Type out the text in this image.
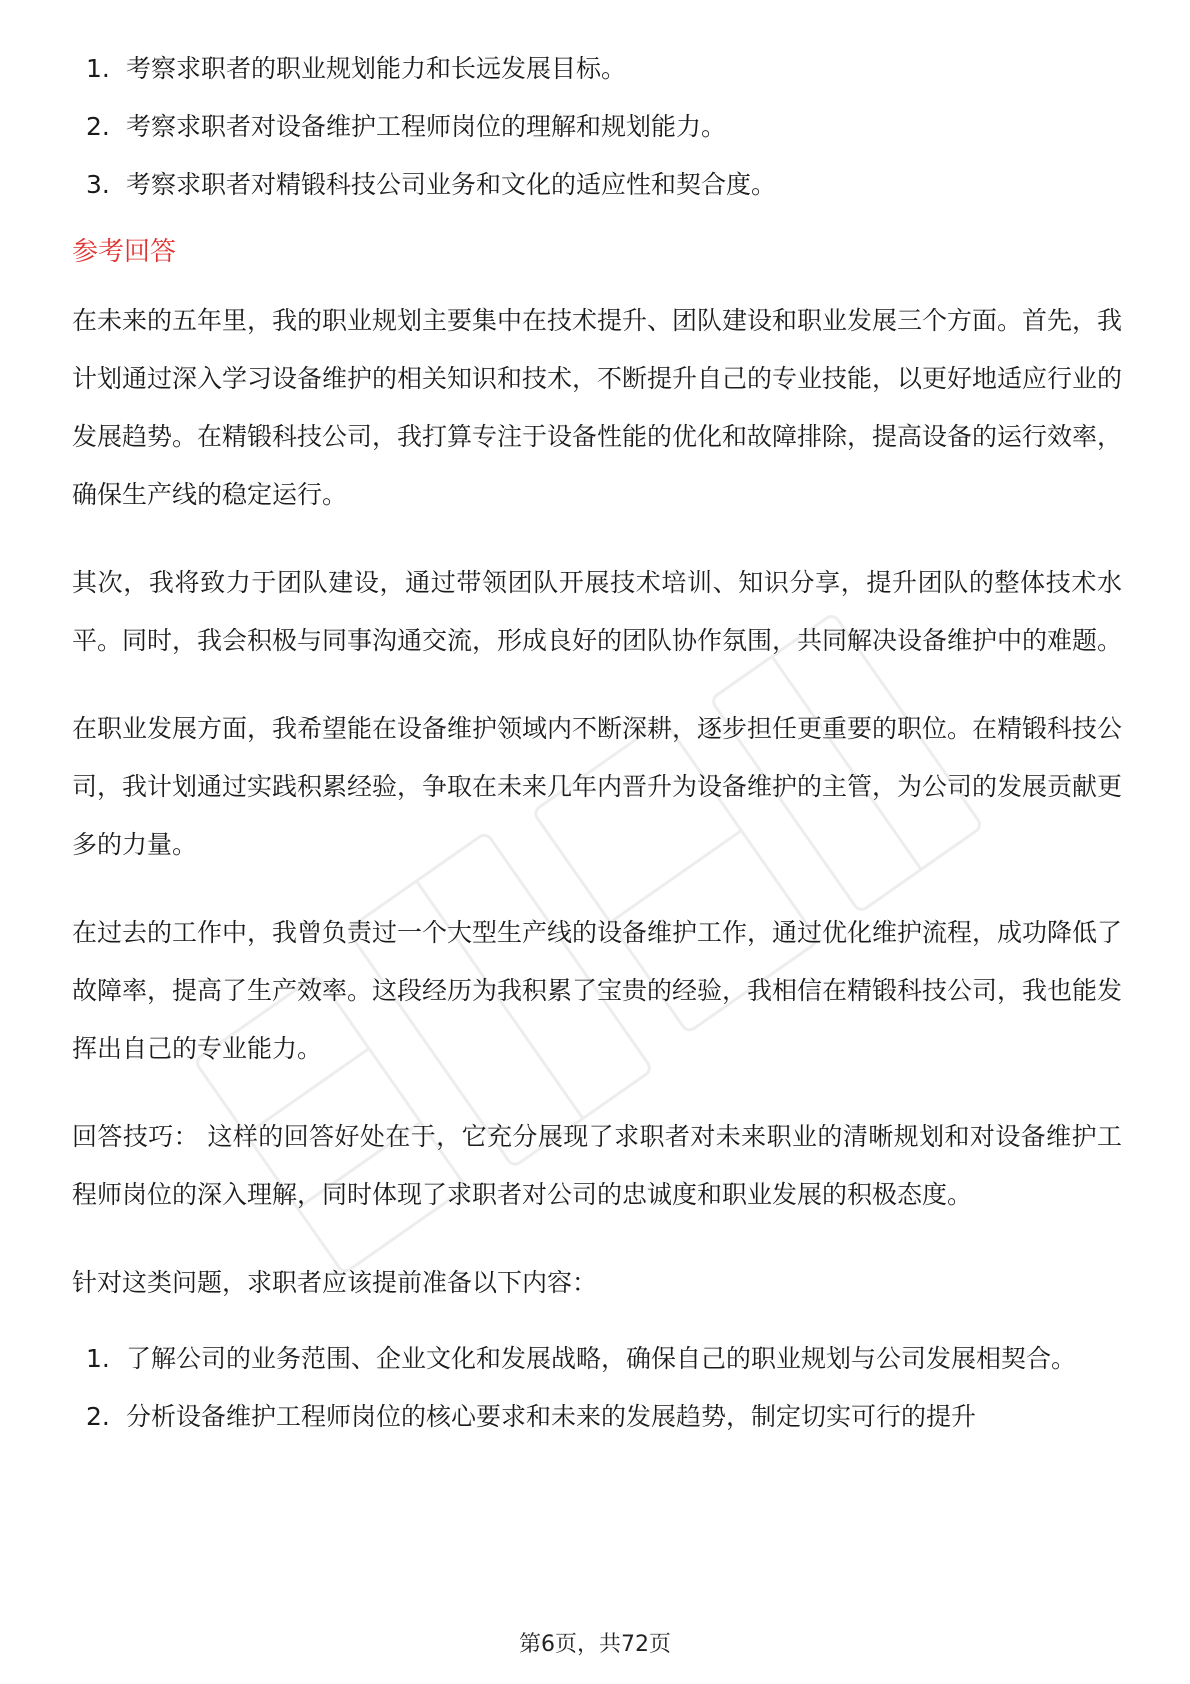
1. 考察求职者的职业规划能力和长远发展目标。
2. 考察求职者对设备维护工程师岗位的理解和规划能力。
3. 考察求职者对精锻科技公司业务和文化的适应性和契合度。
参考回答

在未来的五年里，我的职业规划主要集中在技术提升、团队建设和职业发展三个方面。首先，我计划通过深入学习设备维护的相关知识和技术，不断提升自己的专业技能，以更好地适应行业的发展趋势。在精锻科技公司，我打算专注于设备性能的优化和故障排除，提高设备的运行效率，确保生产线的稳定运行。

其次，我将致力于团队建设，通过带领团队开展技术培训、知识分享，提升团队的整体技术水平。同时，我会积极与同事沟通交流，形成良好的团队协作氛围，共同解决设备维护中的难题。

在职业发展方面，我希望能在设备维护领域内不断深耕，逐步担任更重要的职位。在精锻科技公司，我计划通过实践积累经验，争取在未来几年内晋升为设备维护的主管，为公司的发展贡献更多的力量。

在过去的工作中，我曾负责过一个大型生产线的设备维护工作，通过优化维护流程，成功降低了故障率，提高了生产效率。这段经历为我积累了宝贵的经验，我相信在精锻科技公司，我也能发挥出自己的专业能力。

回答技巧： 这样的回答好处在于，它充分展现了求职者对未来职业的清晰规划和对设备维护工程师岗位的深入理解，同时体现了求职者对公司的忠诚度和职业发展的积极态度。

针对这类问题，求职者应该提前准备以下内容：

1. 了解公司的业务范围、企业文化和发展战略，确保自己的职业规划与公司发展相契合。
2. 分析设备维护工程师岗位的核心要求和未来的发展趋势，制定切实可行的提升
第6页，共72页
